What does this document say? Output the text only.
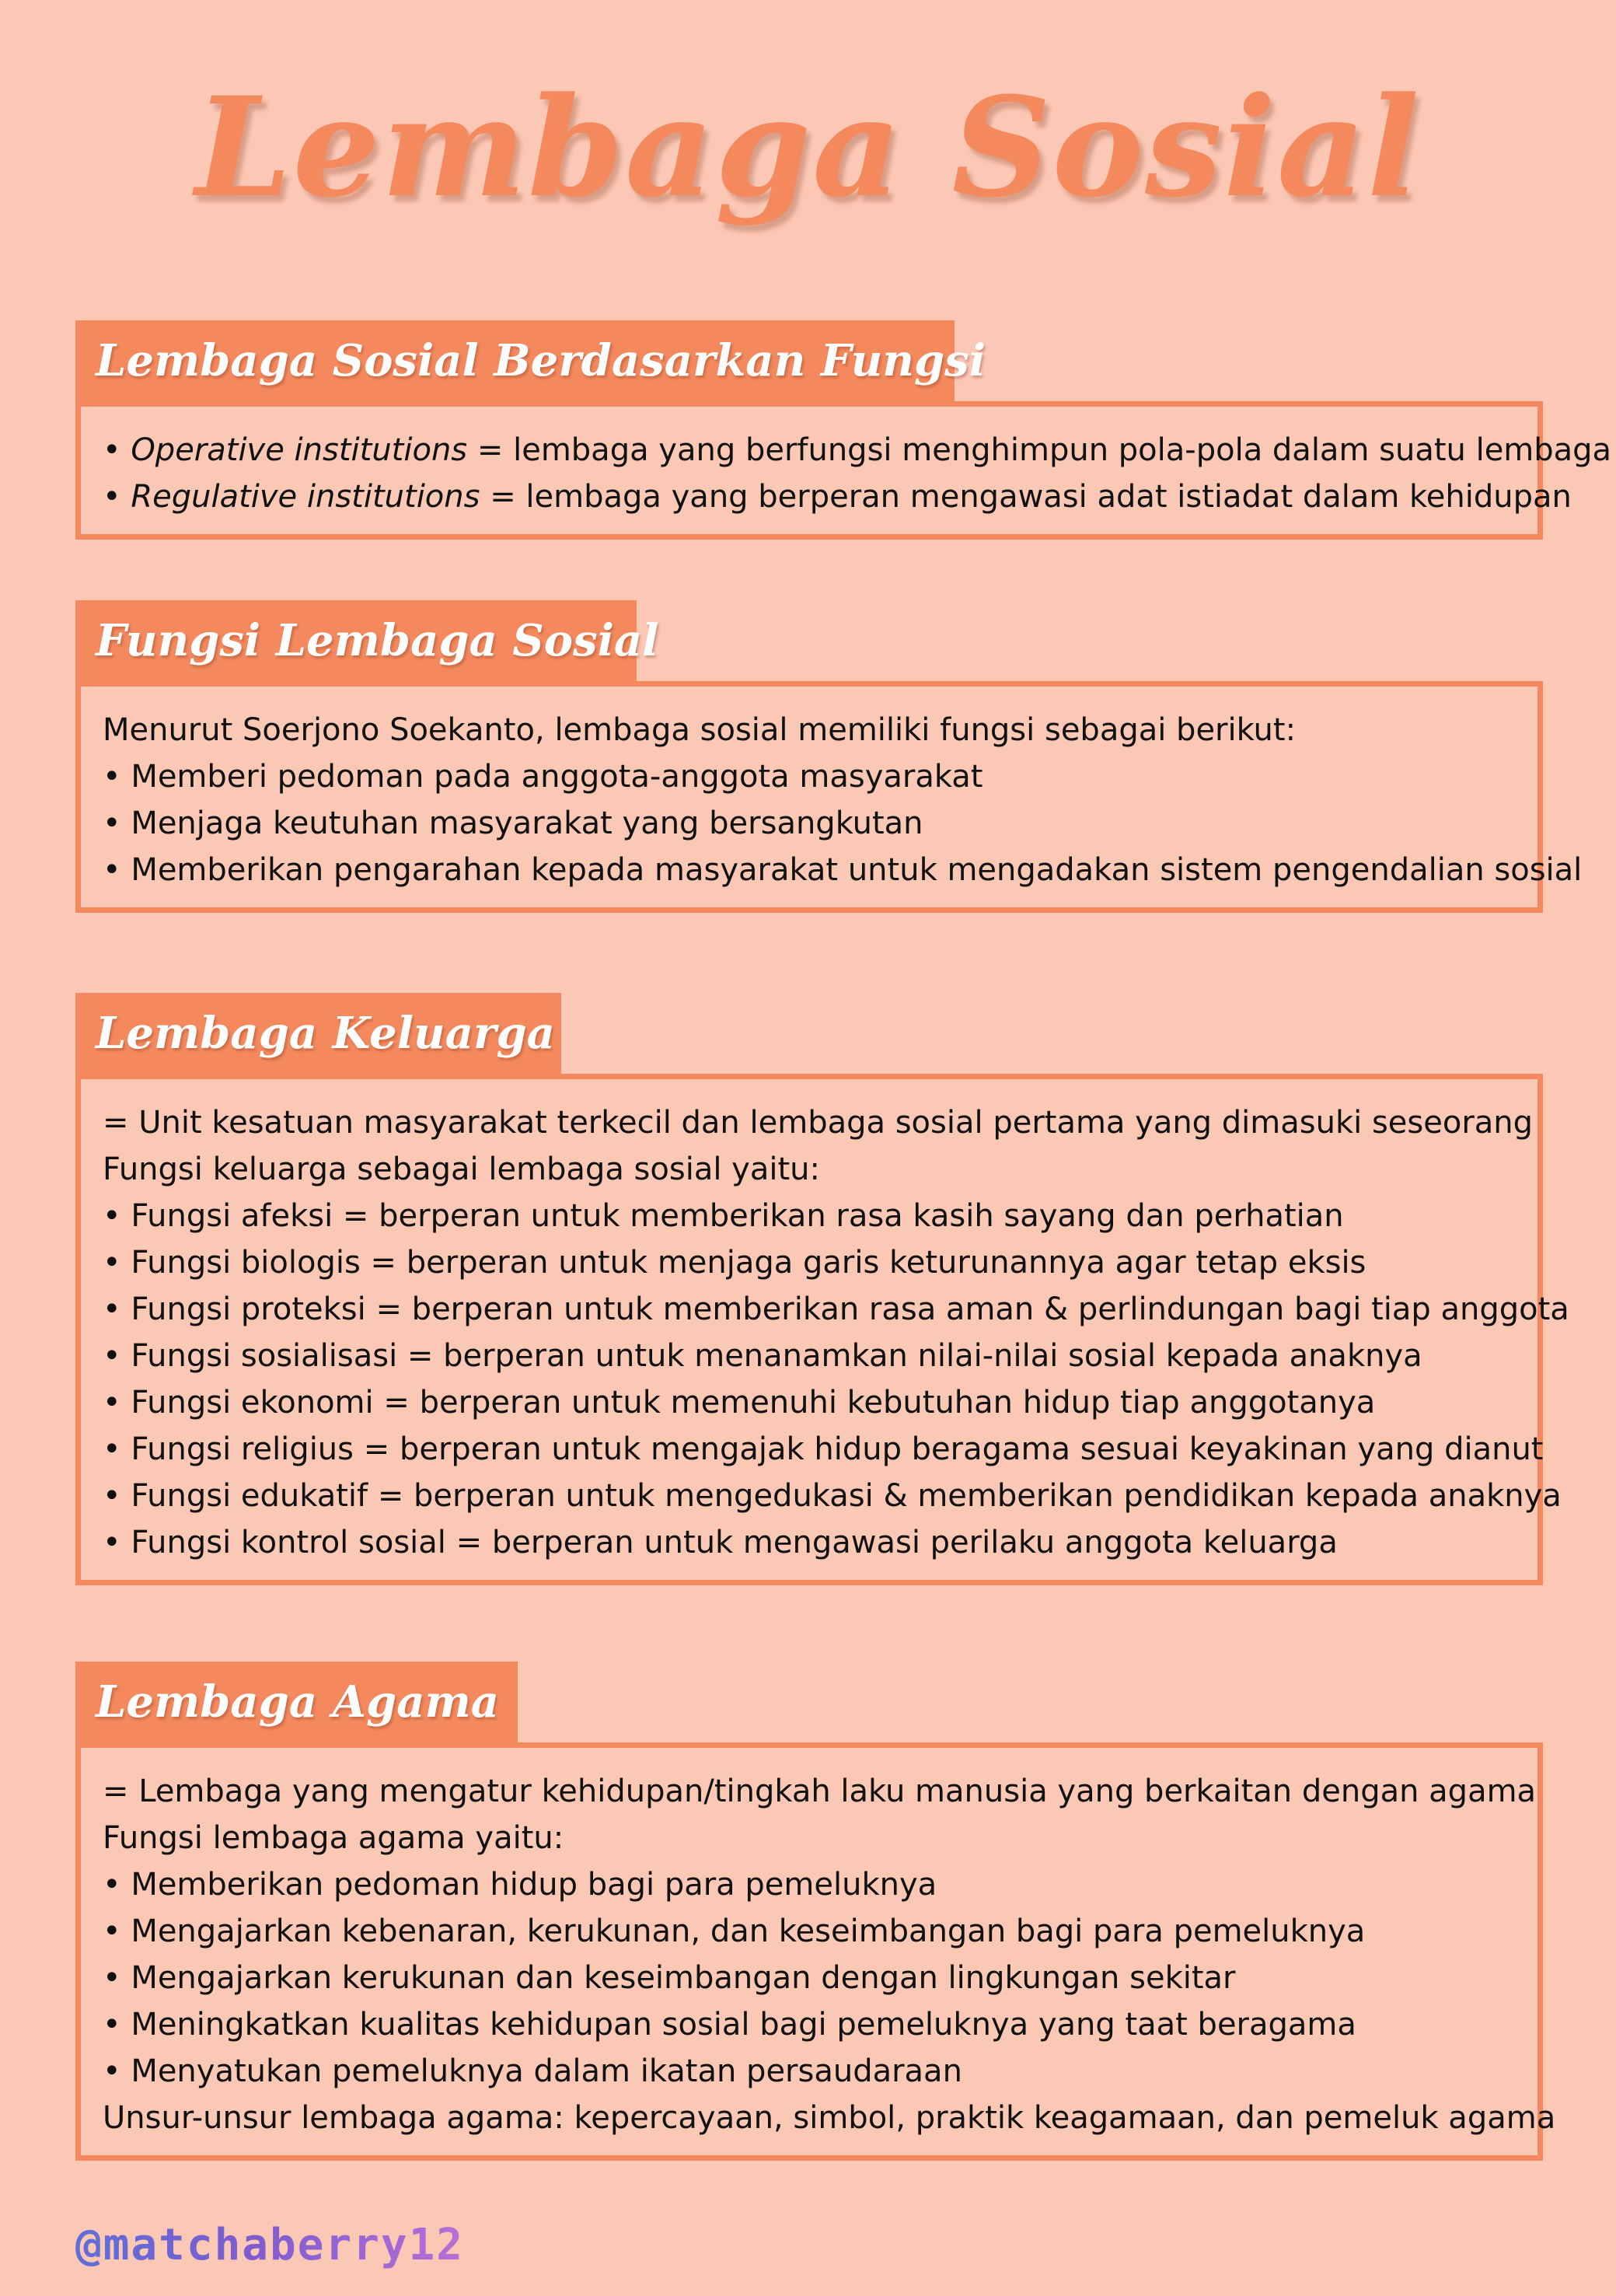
Lembaga Sosial
Lembaga Sosial Berdasarkan Fungsi
• Operative institutions = lembaga yang berfungsi menghimpun pola-pola dalam suatu lembaga
• Regulative institutions = lembaga yang berperan mengawasi adat istiadat dalam kehidupan
Fungsi Lembaga Sosial
Menurut Soerjono Soekanto, lembaga sosial memiliki fungsi sebagai berikut:
• Memberi pedoman pada anggota-anggota masyarakat
• Menjaga keutuhan masyarakat yang bersangkutan
• Memberikan pengarahan kepada masyarakat untuk mengadakan sistem pengendalian sosial
Lembaga Keluarga
= Unit kesatuan masyarakat terkecil dan lembaga sosial pertama yang dimasuki seseorang
Fungsi keluarga sebagai lembaga sosial yaitu:
• Fungsi afeksi = berperan untuk memberikan rasa kasih sayang dan perhatian
• Fungsi biologis = berperan untuk menjaga garis keturunannya agar tetap eksis
• Fungsi proteksi = berperan untuk memberikan rasa aman & perlindungan bagi tiap anggota
• Fungsi sosialisasi = berperan untuk menanamkan nilai-nilai sosial kepada anaknya
• Fungsi ekonomi = berperan untuk memenuhi kebutuhan hidup tiap anggotanya
• Fungsi religius = berperan untuk mengajak hidup beragama sesuai keyakinan yang dianut
• Fungsi edukatif = berperan untuk mengedukasi & memberikan pendidikan kepada anaknya
• Fungsi kontrol sosial = berperan untuk mengawasi perilaku anggota keluarga
Lembaga Agama
= Lembaga yang mengatur kehidupan/tingkah laku manusia yang berkaitan dengan agama
Fungsi lembaga agama yaitu:
• Memberikan pedoman hidup bagi para pemeluknya
• Mengajarkan kebenaran, kerukunan, dan keseimbangan bagi para pemeluknya
• Mengajarkan kerukunan dan keseimbangan dengan lingkungan sekitar
• Meningkatkan kualitas kehidupan sosial bagi pemeluknya yang taat beragama
• Menyatukan pemeluknya dalam ikatan persaudaraan
Unsur-unsur lembaga agama: kepercayaan, simbol, praktik keagamaan, dan pemeluk agama
@matchaberry12
